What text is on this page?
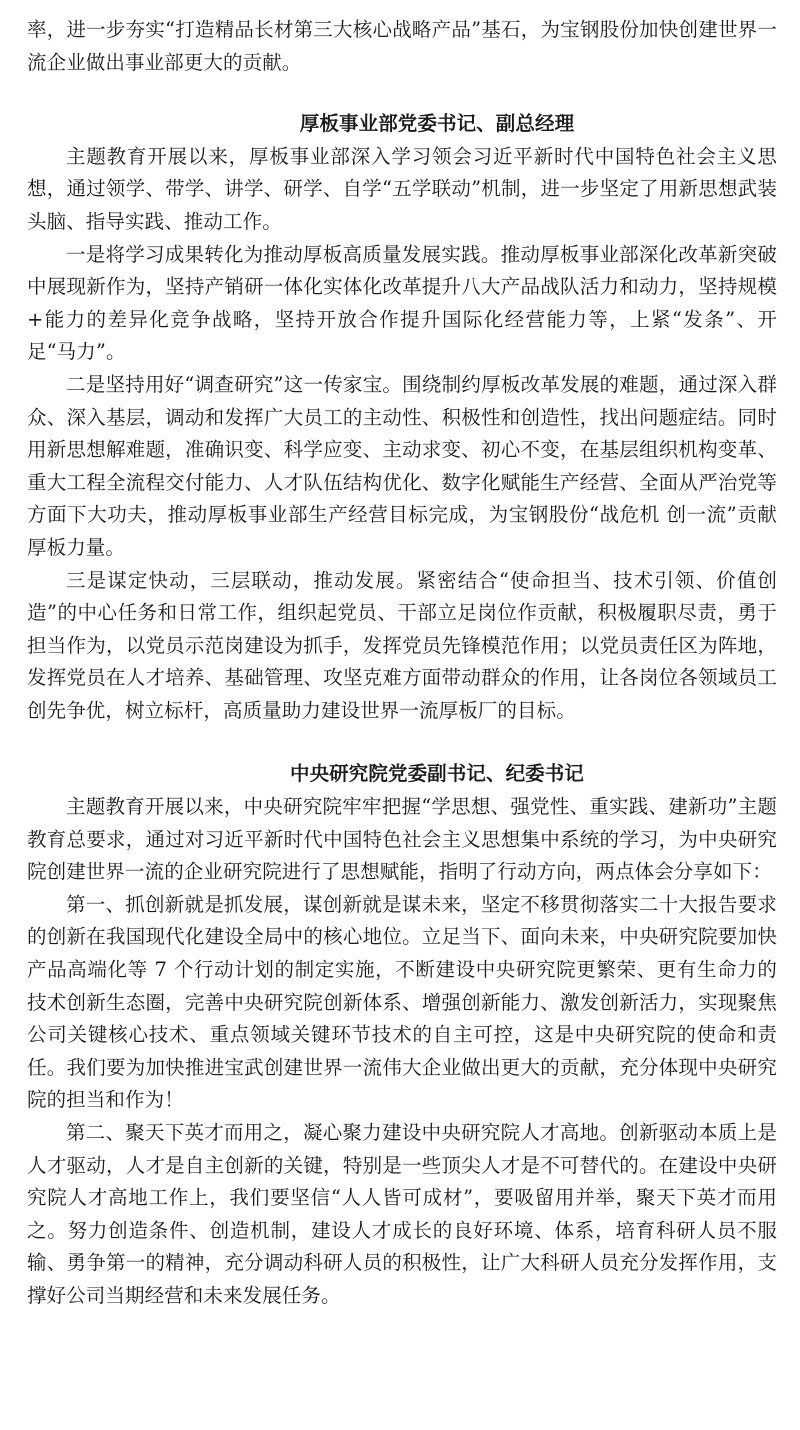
率，进一步夯实“打造精品长材第三大核心战略产品”基石，为宝钢股份加快创建世界一流企业做出事业部更大的贡献。

厚板事业部党委书记、副总经理

主题教育开展以来，厚板事业部深入学习领会习近平新时代中国特色社会主义思想，通过领学、带学、讲学、研学、自学“五学联动”机制，进一步坚定了用新思想武装头脑、指导实践、推动工作。

一是将学习成果转化为推动厚板高质量发展实践。推动厚板事业部深化改革新突破中展现新作为，坚持产销研一体化实体化改革提升八大产品战队活力和动力，坚持规模+能力的差异化竞争战略，坚持开放合作提升国际化经营能力等，上紧“发条”、开足“马力”。

二是坚持用好“调查研究”这一传家宝。围绕制约厚板改革发展的难题，通过深入群众、深入基层，调动和发挥广大员工的主动性、积极性和创造性，找出问题症结。同时用新思想解难题，准确识变、科学应变、主动求变、初心不变，在基层组织机构变革、重大工程全流程交付能力、人才队伍结构优化、数字化赋能生产经营、全面从严治党等方面下大功夫，推动厚板事业部生产经营目标完成，为宝钢股份“战危机 创一流”贡献厚板力量。

三是谋定快动，三层联动，推动发展。紧密结合“使命担当、技术引领、价值创造”的中心任务和日常工作，组织起党员、干部立足岗位作贡献，积极履职尽责，勇于担当作为，以党员示范岗建设为抓手，发挥党员先锋模范作用；以党员责任区为阵地，发挥党员在人才培养、基础管理、攻坚克难方面带动群众的作用，让各岗位各领域员工创先争优，树立标杆，高质量助力建设世界一流厚板厂的目标。

中央研究院党委副书记、纪委书记

主题教育开展以来，中央研究院牢牢把握“学思想、强党性、重实践、建新功”主题教育总要求，通过对习近平新时代中国特色社会主义思想集中系统的学习，为中央研究院创建世界一流的企业研究院进行了思想赋能，指明了行动方向，两点体会分享如下：

第一、抓创新就是抓发展，谋创新就是谋未来，坚定不移贯彻落实二十大报告要求的创新在我国现代化建设全局中的核心地位。立足当下、面向未来，中央研究院要加快产品高端化等 7 个行动计划的制定实施，不断建设中央研究院更繁荣、更有生命力的技术创新生态圈，完善中央研究院创新体系、增强创新能力、激发创新活力，实现聚焦公司关键核心技术、重点领域关键环节技术的自主可控，这是中央研究院的使命和责任。我们要为加快推进宝武创建世界一流伟大企业做出更大的贡献，充分体现中央研究院的担当和作为！

第二、聚天下英才而用之，凝心聚力建设中央研究院人才高地。创新驱动本质上是人才驱动，人才是自主创新的关键，特别是一些顶尖人才是不可替代的。在建设中央研究院人才高地工作上，我们要坚信“人人皆可成材”，要吸留用并举，聚天下英才而用之。努力创造条件、创造机制，建设人才成长的良好环境、体系，培育科研人员不服输、勇争第一的精神，充分调动科研人员的积极性，让广大科研人员充分发挥作用，支撑好公司当期经营和未来发展任务。
